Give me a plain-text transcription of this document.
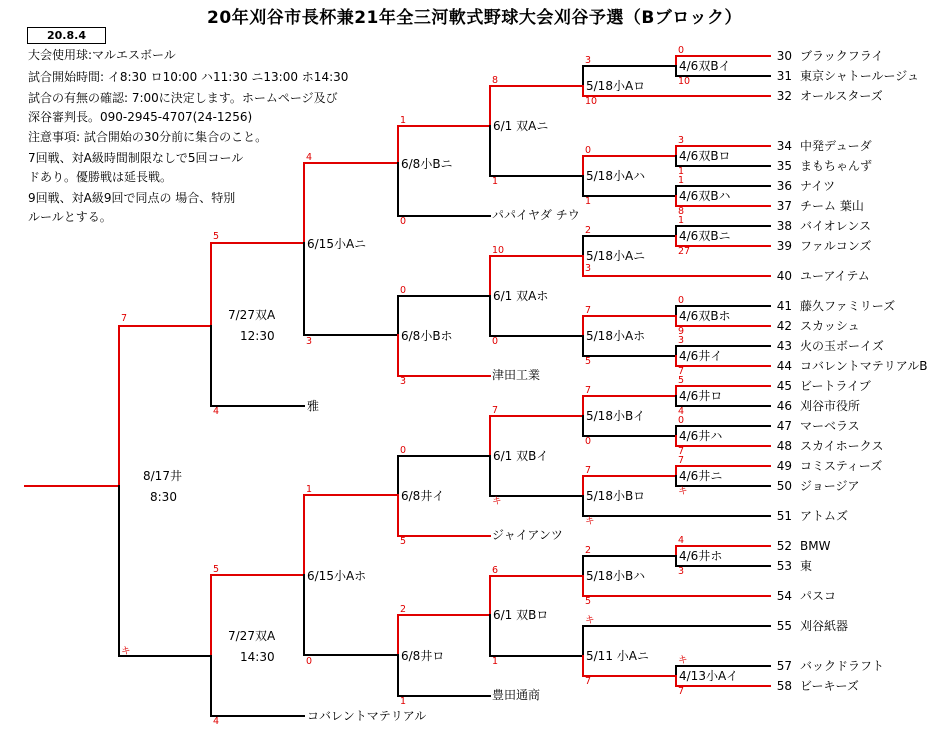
20年刈谷市長杯兼21年全三河軟式野球大会刈谷予選（Bブロック）
20.8.4
大会使用球:マルエスボール
試合開始時間: イ8:30 ロ10:00 ハ11:30 ニ13:00 ホ14:30
試合の有無の確認: 7:00に決定します。ホームページ及び
深谷審判長。090-2945-4707(24-1256)
注意事項: 試合開始の30分前に集合のこと。
7回戦、対A級時間制限なしで5回コール
ドあり。優勝戦は延長戦。
9回戦、対A級9回で同点の 場合、特別
ルールとする。
30 ブラックフライ
31 東京シャトールージュ
32 オールスターズ
34 中発デューダ
35 まもちゃんず
36 ナイツ
37 チーム 葉山
38 バイオレンス
39 ファルコンズ
40 ユーアイテム
41 藤久ファミリーズ
42 スカッシュ
43 火の玉ボーイズ
44 コバレントマテリアルB
45 ビートライブ
46 刈谷市役所
47 マーベラス
48 スカイホークス
49 コミスティーズ
50 ジョージア
51 アトムズ
52 BMW
53 東
54 パスコ
55 刈谷紙器
57 バックドラフト
58 ビーキーズ
パパイヤダ チウ
津田工業
雅
ジャイアンツ
豊田通商
コバレントマテリアル
4/6双Bイ
4/6双Bロ
4/6双Bハ
4/6双Bニ
4/6双Bホ
4/6井イ
4/6井ロ
4/6井ハ
4/6井ニ
4/6井ホ
4/13小Aイ
5/18小Aロ
5/18小Aハ
5/18小Aニ
5/18小Aホ
5/18小Bイ
5/18小Bロ
5/18小Bハ
5/11 小Aニ
6/1 双Aニ
6/1 双Aホ
6/1 双Bイ
6/1 双Bロ
6/8小Bニ
6/8小Bホ
6/8井イ
6/8井ロ
6/15小Aニ
6/15小Aホ
7/27双A
12:30
7/27双A
14:30
8/17井
8:30
7
キ
5
4
5
4
4
3
1
0
1
0
0
3
0
5
2
1
8
1
10
0
7
キ
6
1
3
10
0
1
2
3
7
5
7
0
7
キ
2
5
キ
7
0
10
3
1
1
8
1
27
0
9
3
7
5
4
0
7
7
キ
4
3
キ
7
